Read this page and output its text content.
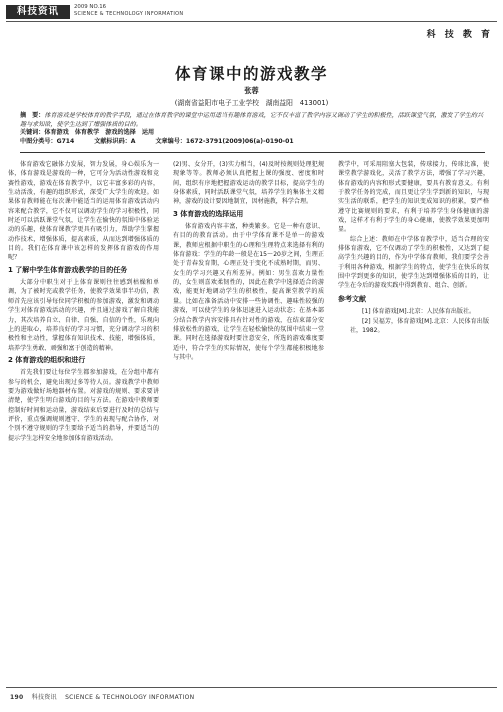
科技资讯	2009 NO.16
SCIENCE & TECHNOLOGY INFORMATION
科 技 教 育
体育课中的游戏教学
张蓉
(湖南省益阳市电子工业学校　湖南益阳　413001)
摘　要：体育游戏是学校体育的教学手段，通过在体育教学的课堂中运用适当有趣体育游戏，它不仅丰富了教学内容又调动了学生的积极性，活跃课堂气氛，激发了学生的兴趣与求知欲，使学生达到了增强体质的目的。
关键词：体育游戏　体育教学　游戏的选择　运用
中图分类号：G714	文献标识码：A	文章编号：1672-3791(2009)06(a)-0190-01

体育游戏它融体力发展，智力发展，身心娱乐为一体，体育游戏是游戏的一种，它可分为活动性游戏和竞赛性游戏，游戏在体育教学中，以它丰富多彩的内容，生动活泼，有趣的组织形式，深受广大学生的欢迎。如果体育教师能在每次课中能适当的运用体育游戏活动内容来配合教学，它不仅可以调动学生的学习积极性，同时还可以活跃课堂气氛，让学生在愉快的氛围中体验运动的乐趣，使体育课教学更具有吸引力，帮助学生掌握动作技术，增强体质，提高素质，从而达到增强体质的目的。我们在体育课中该怎样的发挥体育游戏的作用呢？

1 了解中学生体育游戏教学的目的任务

大部分中职生对于上体育课则往往感到枯燥和单调，为了被时充或教学任务，使教学效果事半功倍，教师首先应该引导每位同学积极的参加游戏，激发和调动学生对体育游戏活动的兴趣，并且通过游戏了解自我能力，其次培养自立、自律、自强、自信的个性，乐观向上的进取心，培养良好的学习习惯，充分调动学习的积极性和主动性，掌握体育知识技术、技能，增强体质，培养学生勇敢、顽强和富于创造的精神。

2 体育游戏的组织和进行

首先我们要让每位学生都参加游戏，在分组中都有参与的机会，避免出现过多等待人员。游戏教学中教师要为游戏做好场地器材布置。对游戏的规则、要求要讲清楚，使学生明白游戏的目的与方法。在游戏中教师要控制好时间和运动量，游戏结束后要进行及时的总结与评价，重点强调规则遵守、学生的表现与配合协作，对个别不遵守规则的学生要给予适当的指导，并要适当的提示学生怎样安全地参加体育游戏活动。

(2)男、女分开，(3)实力相当，(4)及时按规则处理犯规现象等等。教师必须认真把握上课的强度、密度和时间，组织有序地把握游戏运动的教学目标，提高学生的身体素质，同时活跃课堂气氛，培养学生的集体主义精神，游戏的设计要因地制宜，因材施教，科学合理。

3 体育游戏的选择运用

体育游戏内容丰富，种类繁多。它是一种有意识、有目的的教育活动。由于中学体育课不是单一的游戏课，教师应根据中职生的心理和生理特点来选择有利的体育游戏：学生的年龄一般是在15～20岁之间，生理正处于青春发育期，心理正处于变化不成熟时期，而男、女生的学习兴趣又有所差异。例如：男生喜欢力量性的，女生则喜欢柔韧性的，因此在教学中选择适合的游戏，能更好地调动学生的积极性，提高课堂教学的质量。比如在准备活动中安排一些协调性、趣味性较强的游戏，可以使学生的身体迅速进入运动状态；在基本部分结合教学内容安排具有针对性的游戏，在结束部分安排放松性的游戏，让学生在轻松愉快的氛围中结束一堂课。同时在选择游戏时要注意安全，所选的游戏难度要适中，符合学生的实际情况，使每个学生都能积极地参与其中。

教学中，可采用阻塞大包装，传球接力，传球比准，使课堂教学游戏化，灵活了教学方法，增强了学习兴趣，体育游戏的内容和形式要健康，要具有教育意义。有利于教学任务的完成，而且更让学生学到新的知识，与现实生活的联系，把学生的知识变成知识的积累，要严格遵守比赛规则的要求，有利于培养学生身体健康的游戏，这样才有利于学生的身心健康，使教学效果更加明显。

综合上述：教师在中学体育教学中，适当合理的安排体育游戏，它不仅调动了学生的积极性，又达到了提高学生兴趣的目的，作为中学体育教师，我们要学会善于利用各种游戏，根据学生的特点，使学生在快乐的氛围中学到更多的知识，使学生达到增强体质的目的，让学生在今后的游戏实践中得到教育、组合、创新。

参考文献

[1] 体育游戏[M].北京：人民体育出版社。

[2] 吴福芳，体育游戏[M].北京：人民体育出版社，1982。

190 科技资讯 SCIENCE & TECHNOLOGY INFORMATION
